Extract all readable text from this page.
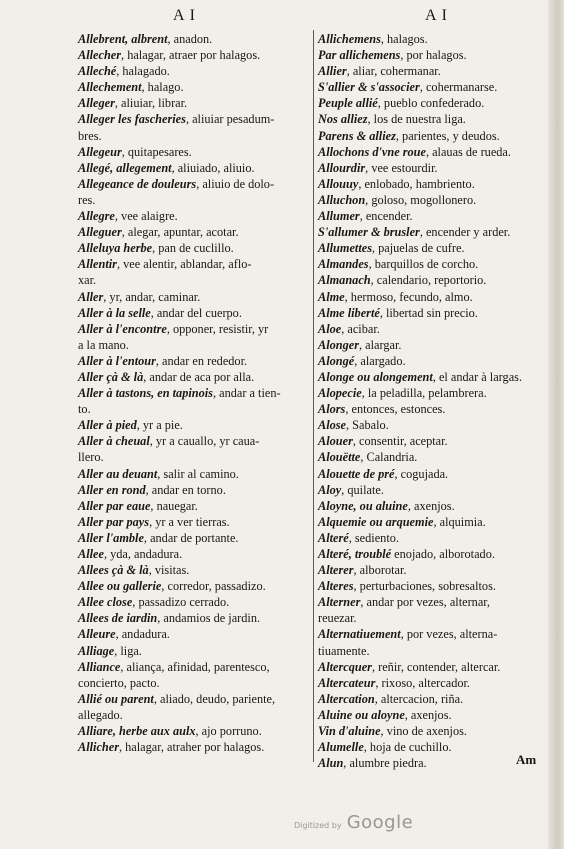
A I	A I
Allebrent, albrent, anadon.
Allecher, halagar, atraer por halagos.
Alleché, halagado.
Allechement, halago.
Alleger, aliuiar, librar.
Alleger les fascheries, aliuiar pesadum-
bres.
Allegeur, quitapesares.
Allegé, allegement, aliuiado, aliuio.
Allegeance de douleurs, aliuio de dolo-
res.
Allegre, vee alaigre.
Alleguer, alegar, apuntar, acotar.
Alleluya herbe, pan de cuclillo.
Allentir, vee alentir, ablandar, aflo-
xar.
Aller, yr, andar, caminar.
Aller à la selle, andar del cuerpo.
Aller à l'encontre, opponer, resistir, yr
a la mano.
Aller à l'entour, andar en rededor.
Aller çà & là, andar de aca por alla.
Aller à tastons, en tapinois, andar a tien-
to.
Aller à pied, yr a pie.
Aller à cheual, yr a cauallo, yr caua-
llero.
Aller au deuant, salir al camino.
Aller en rond, andar en torno.
Aller par eaue, nauegar.
Aller par pays, yr a ver tierras.
Aller l'amble, andar de portante.
Allee, yda, andadura.
Allees çà & là, visitas.
Allee ou gallerie, corredor, passadizo.
Allee close, passadizo cerrado.
Allees de iardin, andamios de jardin.
Alleure, andadura.
Alliage, liga.
Alliance, aliança, afinidad, parentesco,
concierto, pacto.
Allié ou parent, aliado, deudo, pariente,
allegado.
Alliare, herbe aux aulx, ajo porruno.
Allicher, halagar, atraher por halagos.
Allichemens, halagos.
Par allichemens, por halagos.
Allier, aliar, cohermanar.
S'allier & s'associer, cohermanarse.
Peuple allié, pueblo confederado.
Nos alliez, los de nuestra liga.
Parens & alliez, parientes, y deudos.
Allochons d'vne roue, alauas de rueda.
Allourdir, vee estourdir.
Allouuy, enlobado, hambriento.
Alluchon, goloso, mogollonero.
Allumer, encender.
S'allumer & brusler, encender y arder.
Allumettes, pajuelas de cufre.
Almandes, barquillos de corcho.
Almanach, calendario, reportorio.
Alme, hermoso, fecundo, almo.
Alme liberté, libertad sin precio.
Aloe, acibar.
Alonger, alargar.
Alongé, alargado.
Alonge ou alongement, el andar à largas.
Alopecie, la peladilla, pelambrera.
Alors, entonces, estonces.
Alose, Sabalo.
Alouer, consentir, aceptar.
Alouëtte, Calandria.
Alouette de pré, cogujada.
Aloy, quilate.
Aloyne, ou aluine, axenjos.
Alquemie ou arquemie, alquimia.
Alteré, sediento.
Alteré, troublé enojado, alborotado.
Alterer, alborotar.
Alteres, perturbaciones, sobresaltos.
Alterner, andar por vezes, alternar,
reuezar.
Alternatiuement, por vezes, alterna-
tiuamente.
Altercquer, reñir, contender, altercar.
Altercateur, rixoso, altercador.
Altercation, altercacion, riña.
Aluine ou aloyne, axenjos.
Vin d'aluine, vino de axenjos.
Alumelle, hoja de cuchillo.
Alun, alumbre piedra.	Am
Digitized by Google
